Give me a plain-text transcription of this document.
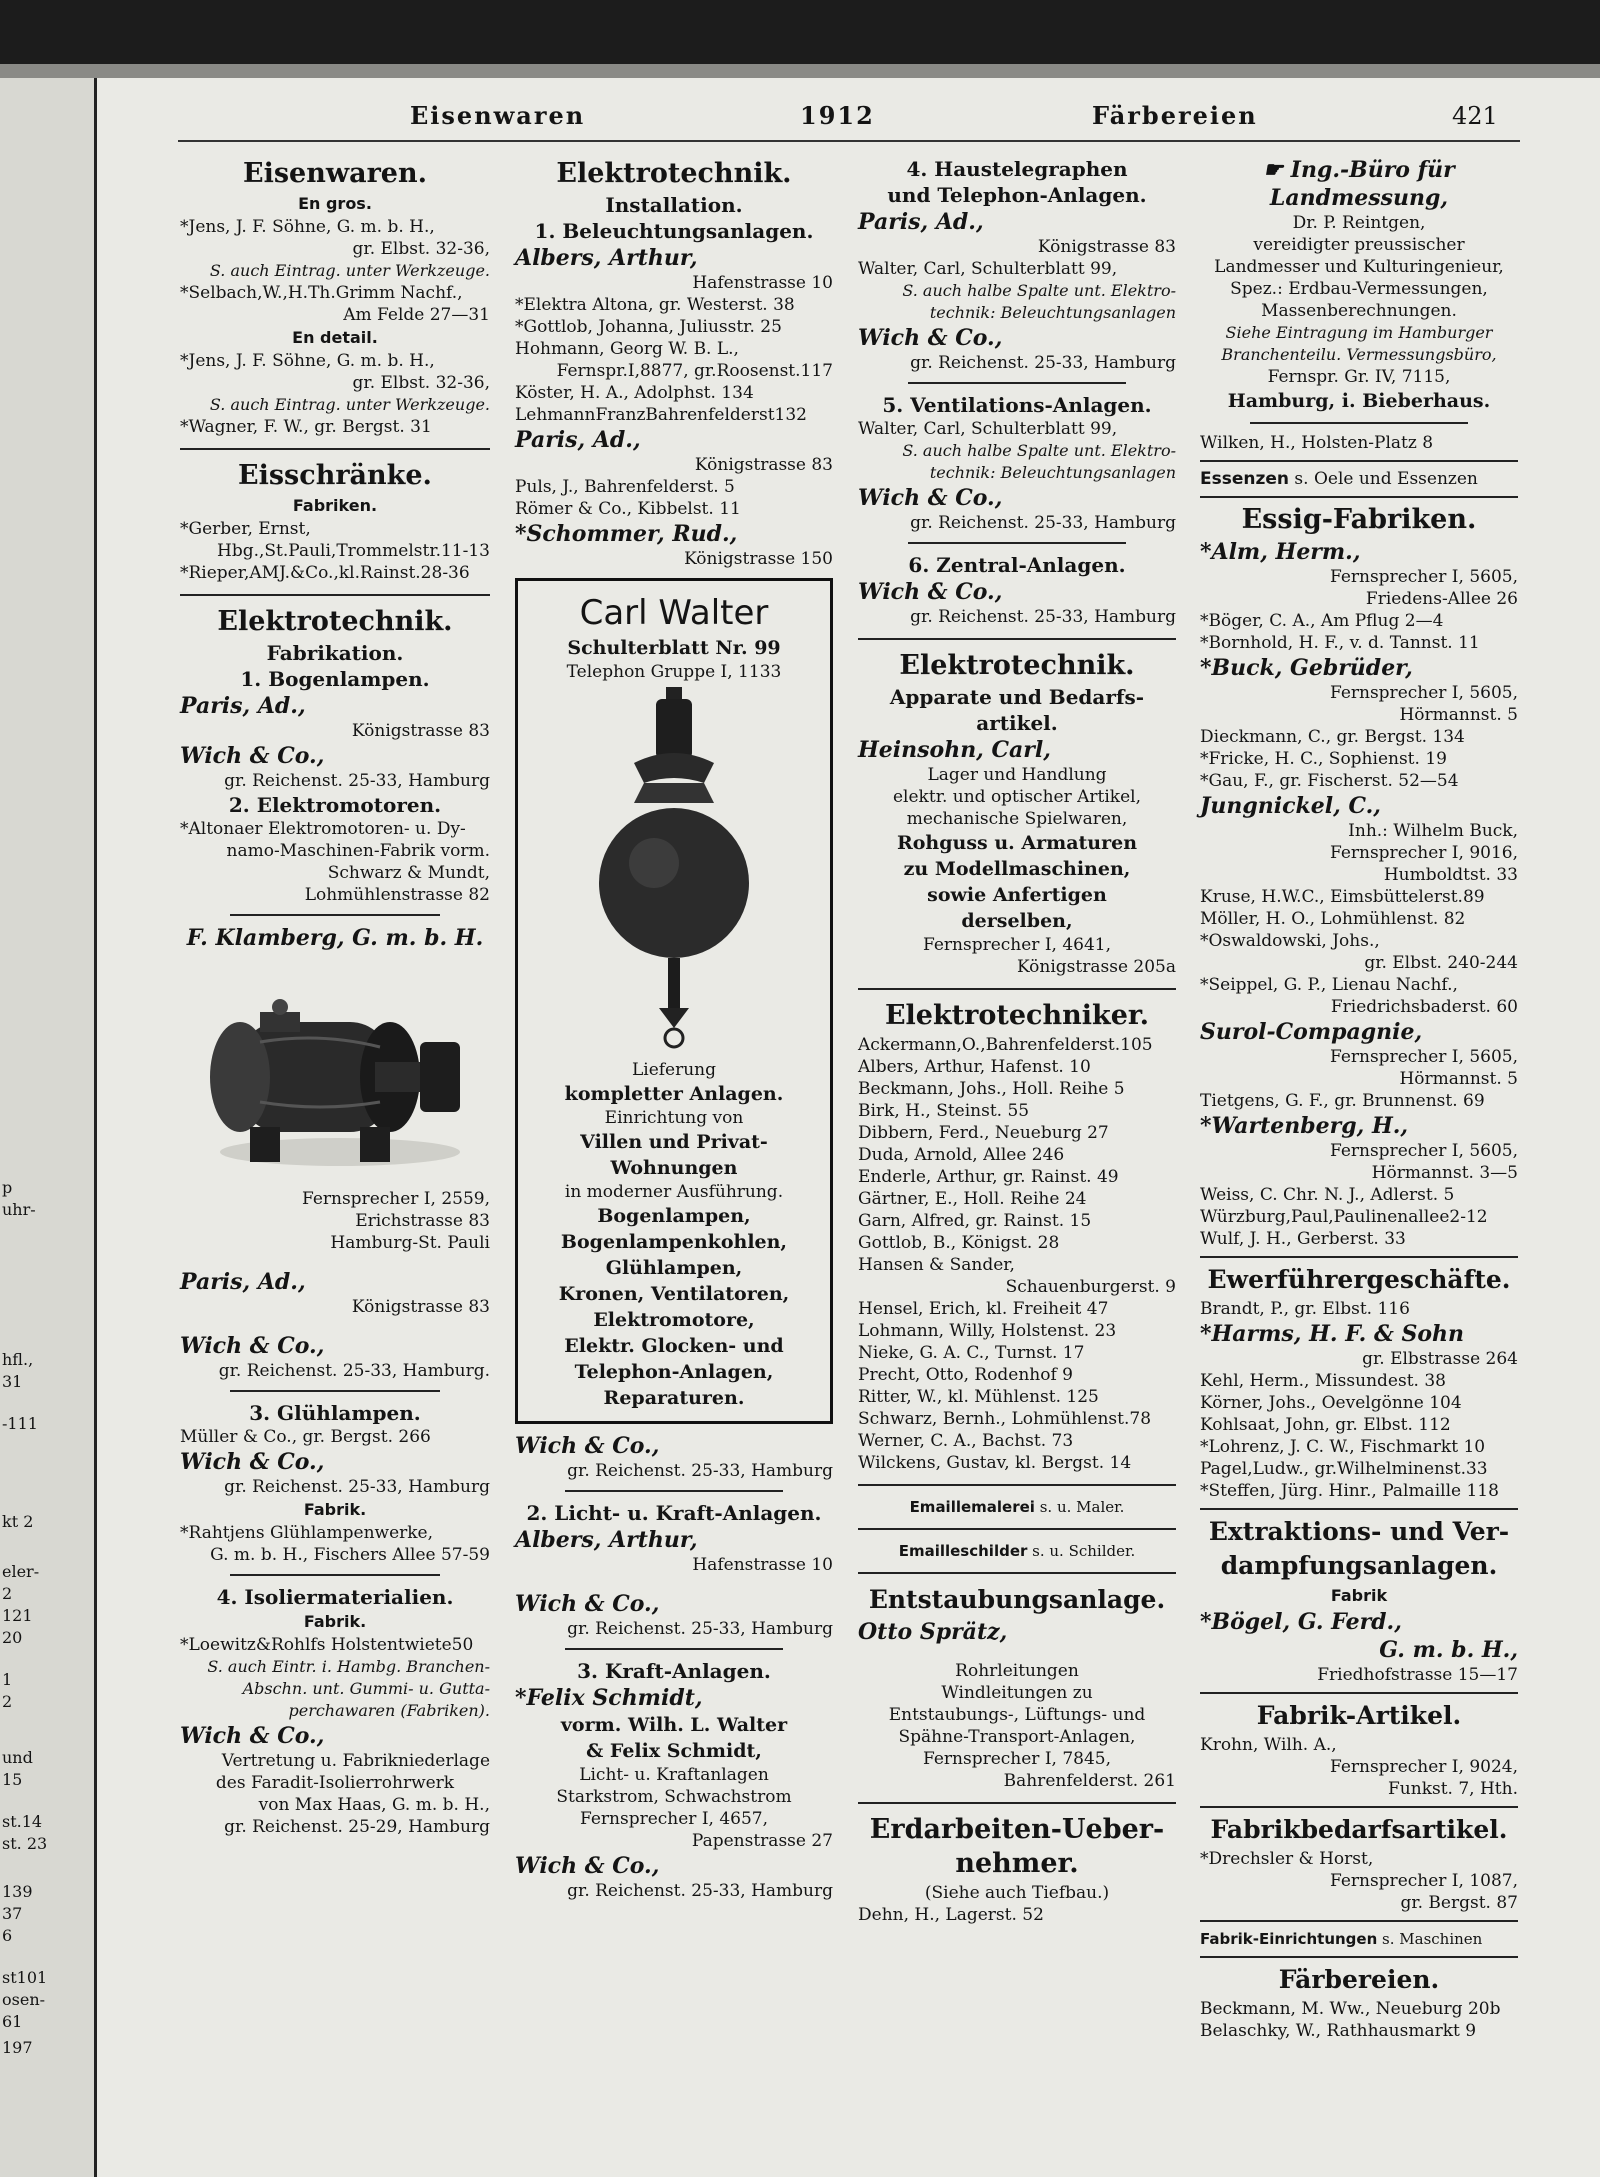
p
uhr-
hfl.,
31
-111
kt 2
eler-
2
121
20
1
2
und
15
st.14
st. 23
139
37
6
st101
osen-
61
197
Eisenwaren	1912	Färbereien	421
Eisenwaren.
En gros.
*Jens, J. F. Söhne, G. m. b. H.,
gr. Elbst. 32-36,
S. auch Eintrag. unter Werkzeuge.
*Selbach,W.,H.Th.Grimm Nachf.,
Am Felde 27—31
En detail.
*Jens, J. F. Söhne, G. m. b. H.,
gr. Elbst. 32-36,
S. auch Eintrag. unter Werkzeuge.
*Wagner, F. W., gr. Bergst. 31
Eisschränke.
Fabriken.
*Gerber, Ernst,
Hbg.,St.Pauli,Trommelstr.11-13
*Rieper,AMJ.&Co.,kl.Rainst.28-36
Elektrotechnik.
Fabrikation.
1. Bogenlampen.
Paris, Ad.,
Königstrasse 83
Wich & Co.,
gr. Reichenst. 25-33, Hamburg
2. Elektromotoren.
*Altonaer Elektromotoren- u. Dy-
namo-Maschinen-Fabrik vorm.
Schwarz & Mundt,
Lohmühlenstrasse 82
F. Klamberg, G. m. b. H.
Fernsprecher I, 2559,
Erichstrasse 83
Hamburg-St. Pauli
Paris, Ad.,
Königstrasse 83
Wich & Co.,
gr. Reichenst. 25-33, Hamburg.
3. Glühlampen.
Müller & Co., gr. Bergst. 266
Wich & Co.,
gr. Reichenst. 25-33, Hamburg
Fabrik.
*Rahtjens Glühlampenwerke,
G. m. b. H., Fischers Allee 57-59
4. Isoliermaterialien.
Fabrik.
*Loewitz&Rohlfs Holstentwiete50
S. auch Eintr. i. Hambg. Branchen-
Abschn. unt. Gummi- u. Gutta-
perchawaren (Fabriken).
Wich & Co.,
Vertretung u. Fabrikniederlage
des Faradit-Isolierrohrwerk
von Max Haas, G. m. b. H.,
gr. Reichenst. 25-29, Hamburg
Elektrotechnik.
Installation.
1. Beleuchtungsanlagen.
Albers, Arthur,
Hafenstrasse 10
*Elektra Altona, gr. Westerst. 38
*Gottlob, Johanna, Juliusstr. 25
Hohmann, Georg W. B. L.,
Fernspr.I,8877, gr.Roosenst.117
Köster, H. A., Adolphst. 134
LehmannFranzBahrenfelderst132
Paris, Ad.,
Königstrasse 83
Puls, J., Bahrenfelderst. 5
Römer & Co., Kibbelst. 11
*Schommer, Rud.,
Königstrasse 150
Carl Walter
Schulterblatt Nr. 99
Telephon Gruppe I, 1133
Lieferung
kompletter Anlagen.
Einrichtung von
Villen und Privat-
Wohnungen
in moderner Ausführung.
Bogenlampen,
Bogenlampenkohlen,
Glühlampen,
Kronen, Ventilatoren,
Elektromotore,
Elektr. Glocken- und
Telephon-Anlagen,
Reparaturen.
Wich & Co.,
gr. Reichenst. 25-33, Hamburg
2. Licht- u. Kraft-Anlagen.
Albers, Arthur,
Hafenstrasse 10
Wich & Co.,
gr. Reichenst. 25-33, Hamburg
3. Kraft-Anlagen.
*Felix Schmidt,
vorm. Wilh. L. Walter
& Felix Schmidt,
Licht- u. Kraftanlagen
Starkstrom, Schwachstrom
Fernsprecher I, 4657,
Papenstrasse 27
Wich & Co.,
gr. Reichenst. 25-33, Hamburg
4. Haustelegraphen
und Telephon-Anlagen.
Paris, Ad.,
Königstrasse 83
Walter, Carl, Schulterblatt 99,
S. auch halbe Spalte unt. Elektro-
technik: Beleuchtungsanlagen
Wich & Co.,
gr. Reichenst. 25-33, Hamburg
5. Ventilations-Anlagen.
Walter, Carl, Schulterblatt 99,
S. auch halbe Spalte unt. Elektro-
technik: Beleuchtungsanlagen
Wich & Co.,
gr. Reichenst. 25-33, Hamburg
6. Zentral-Anlagen.
Wich & Co.,
gr. Reichenst. 25-33, Hamburg
Elektrotechnik.
Apparate und Bedarfs-
artikel.
Heinsohn, Carl,
Lager und Handlung
elektr. und optischer Artikel,
mechanische Spielwaren,
Rohguss u. Armaturen
zu Modellmaschinen,
sowie Anfertigen
derselben,
Fernsprecher I, 4641,
Königstrasse 205a
Elektrotechniker.
Ackermann,O.,Bahrenfelderst.105
Albers, Arthur, Hafenst. 10
Beckmann, Johs., Holl. Reihe 5
Birk, H., Steinst. 55
Dibbern, Ferd., Neueburg 27
Duda, Arnold, Allee 246
Enderle, Arthur, gr. Rainst. 49
Gärtner, E., Holl. Reihe 24
Garn, Alfred, gr. Rainst. 15
Gottlob, B., Königst. 28
Hansen & Sander,
Schauenburgerst. 9
Hensel, Erich, kl. Freiheit 47
Lohmann, Willy, Holstenst. 23
Nieke, G. A. C., Turnst. 17
Precht, Otto, Rodenhof 9
Ritter, W., kl. Mühlenst. 125
Schwarz, Bernh., Lohmühlenst.78
Werner, C. A., Bachst. 73
Wilckens, Gustav, kl. Bergst. 14
Emaillemalerei s. u. Maler.
Emailleschilder s. u. Schilder.
Entstaubungsanlage.
Otto Sprätz,
Rohrleitungen
Windleitungen zu
Entstaubungs-, Lüftungs- und
Spähne-Transport-Anlagen,
Fernsprecher I, 7845,
Bahrenfelderst. 261
Erdarbeiten-Ueber-
nehmer.
(Siehe auch Tiefbau.)
Dehn, H., Lagerst. 52
☛ Ing.-Büro für
Landmessung,
Dr. P. Reintgen,
vereidigter preussischer
Landmesser und Kulturingenieur,
Spez.: Erdbau-Vermessungen,
Massenberechnungen.
Siehe Eintragung im Hamburger
Branchenteilu. Vermessungsbüro,
Fernspr. Gr. IV, 7115,
Hamburg, i. Bieberhaus.
Wilken, H., Holsten-Platz 8
Essenzen s. Oele und Essenzen
Essig-Fabriken.
*Alm, Herm.,
Fernsprecher I, 5605,
Friedens-Allee 26
*Böger, C. A., Am Pflug 2—4
*Bornhold, H. F., v. d. Tannst. 11
*Buck, Gebrüder,
Fernsprecher I, 5605,
Hörmannst. 5
Dieckmann, C., gr. Bergst. 134
*Fricke, H. C., Sophienst. 19
*Gau, F., gr. Fischerst. 52—54
Jungnickel, C.,
Inh.: Wilhelm Buck,
Fernsprecher I, 9016,
Humboldtst. 33
Kruse, H.W.C., Eimsbüttelerst.89
Möller, H. O., Lohmühlenst. 82
*Oswaldowski, Johs.,
gr. Elbst. 240-244
*Seippel, G. P., Lienau Nachf.,
Friedrichsbaderst. 60
Surol-Compagnie,
Fernsprecher I, 5605,
Hörmannst. 5
Tietgens, G. F., gr. Brunnenst. 69
*Wartenberg, H.,
Fernsprecher I, 5605,
Hörmannst. 3—5
Weiss, C. Chr. N. J., Adlerst. 5
Würzburg,Paul,Paulinenallee2-12
Wulf, J. H., Gerberst. 33
Ewerführergeschäfte.
Brandt, P., gr. Elbst. 116
*Harms, H. F. & Sohn
gr. Elbstrasse 264
Kehl, Herm., Missundest. 38
Körner, Johs., Oevelgönne 104
Kohlsaat, John, gr. Elbst. 112
*Lohrenz, J. C. W., Fischmarkt 10
Pagel,Ludw., gr.Wilhelminenst.33
*Steffen, Jürg. Hinr., Palmaille 118
Extraktions- und Ver-
dampfungsanlagen.
Fabrik
*Bögel, G. Ferd.,
G. m. b. H.,
Friedhofstrasse 15—17
Fabrik-Artikel.
Krohn, Wilh. A.,
Fernsprecher I, 9024,
Funkst. 7, Hth.
Fabrikbedarfsartikel.
*Drechsler & Horst,
Fernsprecher I, 1087,
gr. Bergst. 87
Fabrik-Einrichtungen s. Maschinen
Färbereien.
Beckmann, M. Ww., Neueburg 20b
Belaschky, W., Rathhausmarkt 9
